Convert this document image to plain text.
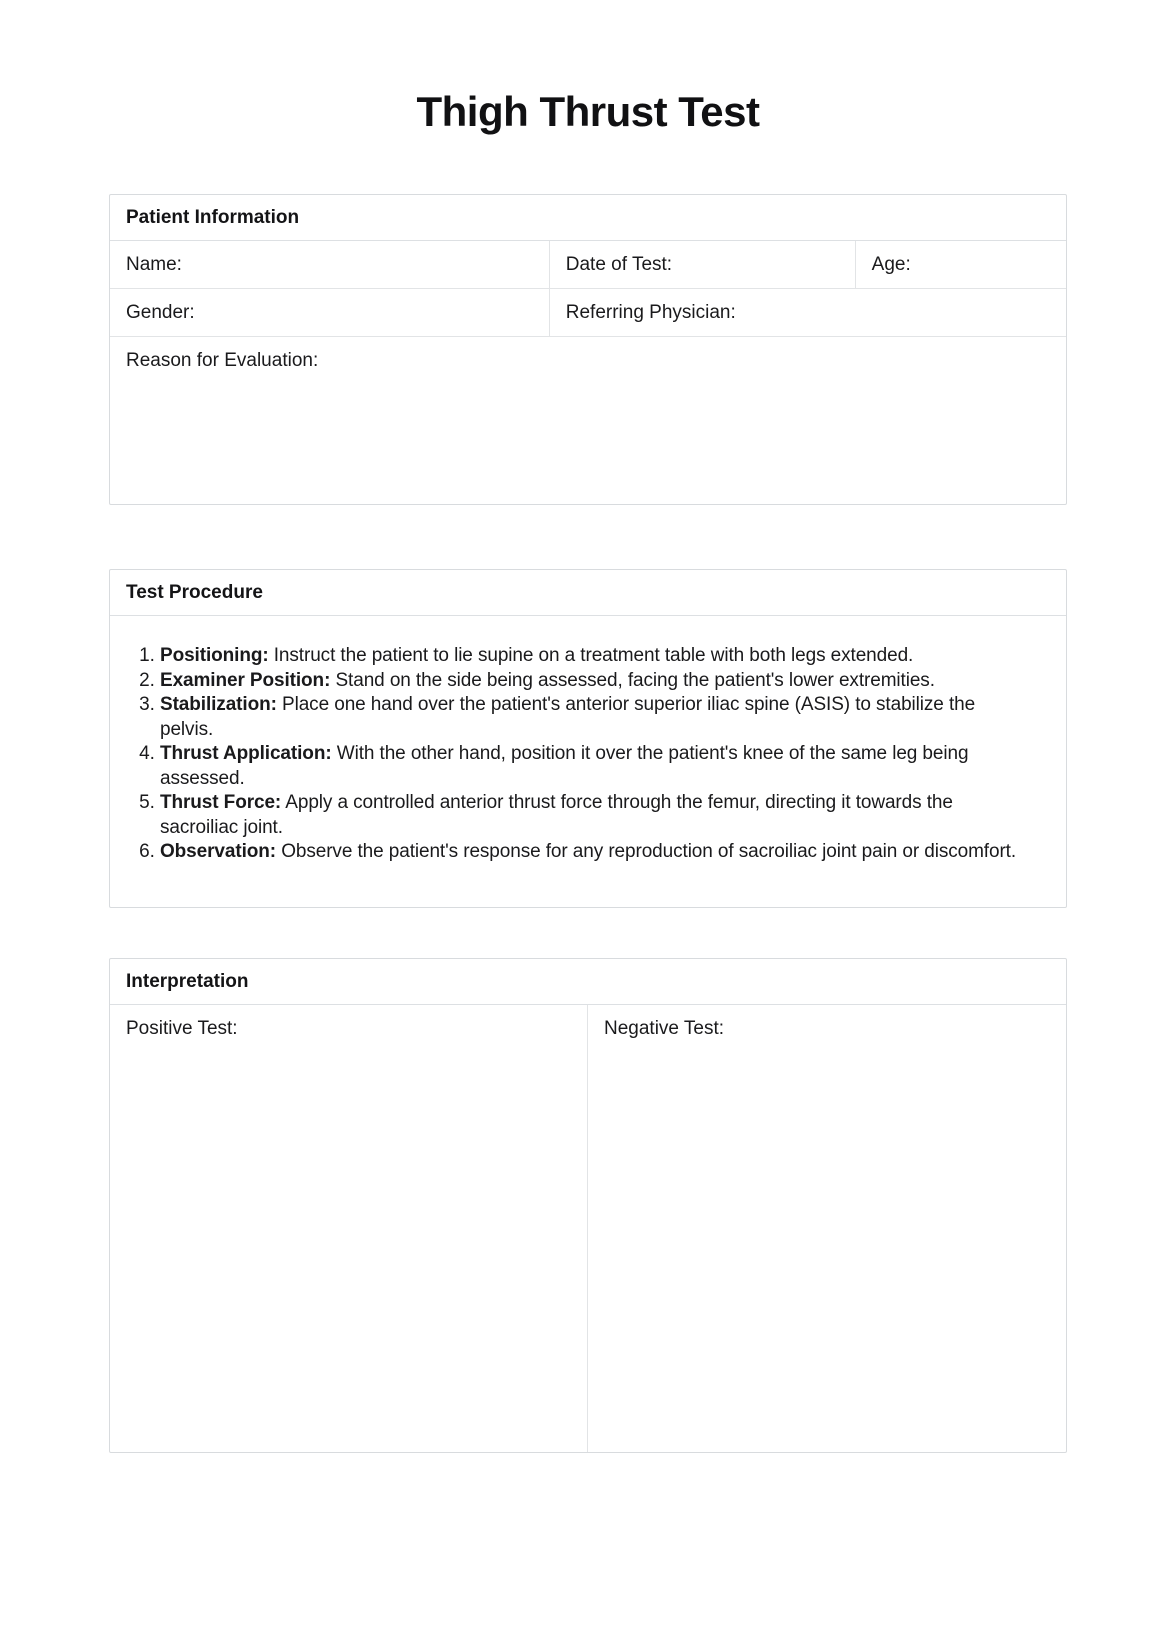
Thigh Thrust Test
Patient Information
Name:	Date of Test:	Age:
Gender:	Referring Physician:
Reason for Evaluation:
Test Procedure
1. Positioning: Instruct the patient to lie supine on a treatment table with both legs extended.
2. Examiner Position: Stand on the side being assessed, facing the patient's lower extremities.
3. Stabilization: Place one hand over the patient's anterior superior iliac spine (ASIS) to stabilize the pelvis.
4. Thrust Application: With the other hand, position it over the patient's knee of the same leg being assessed.
5. Thrust Force: Apply a controlled anterior thrust force through the femur, directing it towards the sacroiliac joint.
6. Observation: Observe the patient's response for any reproduction of sacroiliac joint pain or discomfort.
Interpretation
Positive Test:	Negative Test:
